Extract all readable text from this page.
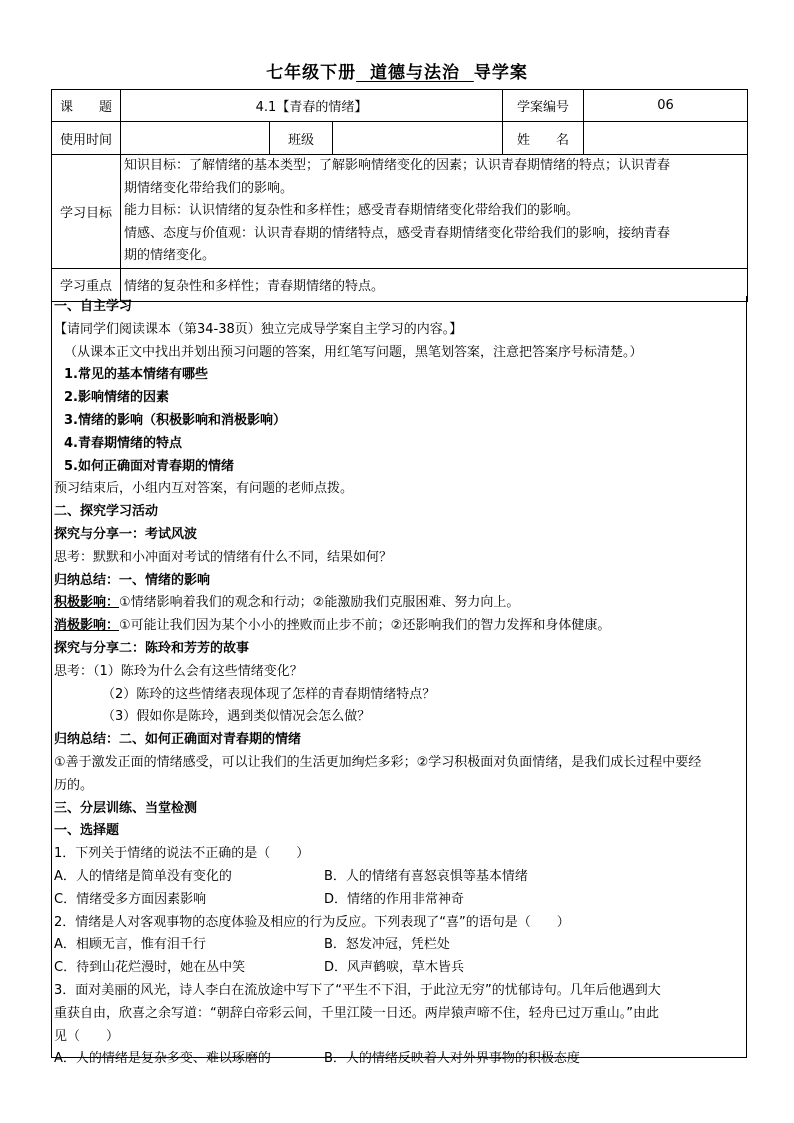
七年级下册 道德与法治 导学案
课　　题	4.1【青春的情绪】			学案编号	06
使用时间		班级		姓　　名	
学习目标	知识目标：了解情绪的基本类型；了解影响情绪变化的因素；认识青春期情绪的特点；认识青春
期情绪变化带给我们的影响。
能力目标：认识情绪的复杂性和多样性；感受青春期情绪变化带给我们的影响。
情感、态度与价值观：认识青春期的情绪特点，感受青春期情绪变化带给我们的影响，接纳青春
期的情绪变化。				

学习重点	情绪的复杂性和多样性；青春期情绪的特点。				
一、自主学习
【请同学们阅读课本（第34-38页）独立完成导学案自主学习的内容。】
（从课本正文中找出并划出预习问题的答案，用红笔写问题，黑笔划答案，注意把答案序号标清楚。）
1.常见的基本情绪有哪些
2.影响情绪的因素
3.情绪的影响（积极影响和消极影响）
4.青春期情绪的特点
5.如何正确面对青春期的情绪
预习结束后，小组内互对答案，有问题的老师点拨。
二、探究学习活动
探究与分享一：考试风波
思考：默默和小冲面对考试的情绪有什么不同，结果如何？
归纳总结：一、情绪的影响
积极影响：①情绪影响着我们的观念和行动；②能激励我们克服困难、努力向上。
消极影响：①可能让我们因为某个小小的挫败而止步不前；②还影响我们的智力发挥和身体健康。
探究与分享二：陈玲和芳芳的故事
思考：（1）陈玲为什么会有这些情绪变化？
（2）陈玲的这些情绪表现体现了怎样的青春期情绪特点？
（3）假如你是陈玲，遇到类似情况会怎么做？
归纳总结：二、如何正确面对青春期的情绪
①善于激发正面的情绪感受，可以让我们的生活更加绚烂多彩；②学习积极面对负面情绪，是我们成长过程中要经
历的。
三、分层训练、当堂检测
一、选择题
1．下列关于情绪的说法不正确的是（　　）
A．人的情绪是简单没有变化的	B．人的情绪有喜怒哀惧等基本情绪
C．情绪受多方面因素影响	D．情绪的作用非常神奇
2．情绪是人对客观事物的态度体验及相应的行为反应。下列表现了“喜”的语句是（　　）
A．相顾无言，惟有泪千行	B．怒发冲冠，凭栏处
C．待到山花烂漫时，她在丛中笑	D．风声鹤唳，草木皆兵
3．面对美丽的风光，诗人李白在流放途中写下了“平生不下泪，于此泣无穷”的忧郁诗句。几年后他遇到大
重获自由，欣喜之余写道：“朝辞白帝彩云间，千里江陵一日还。两岸猿声啼不住，轻舟已过万重山。”由此
见（　　）
A．人的情绪是复杂多变、难以琢磨的	B．人的情绪反映着人对外界事物的积极态度
